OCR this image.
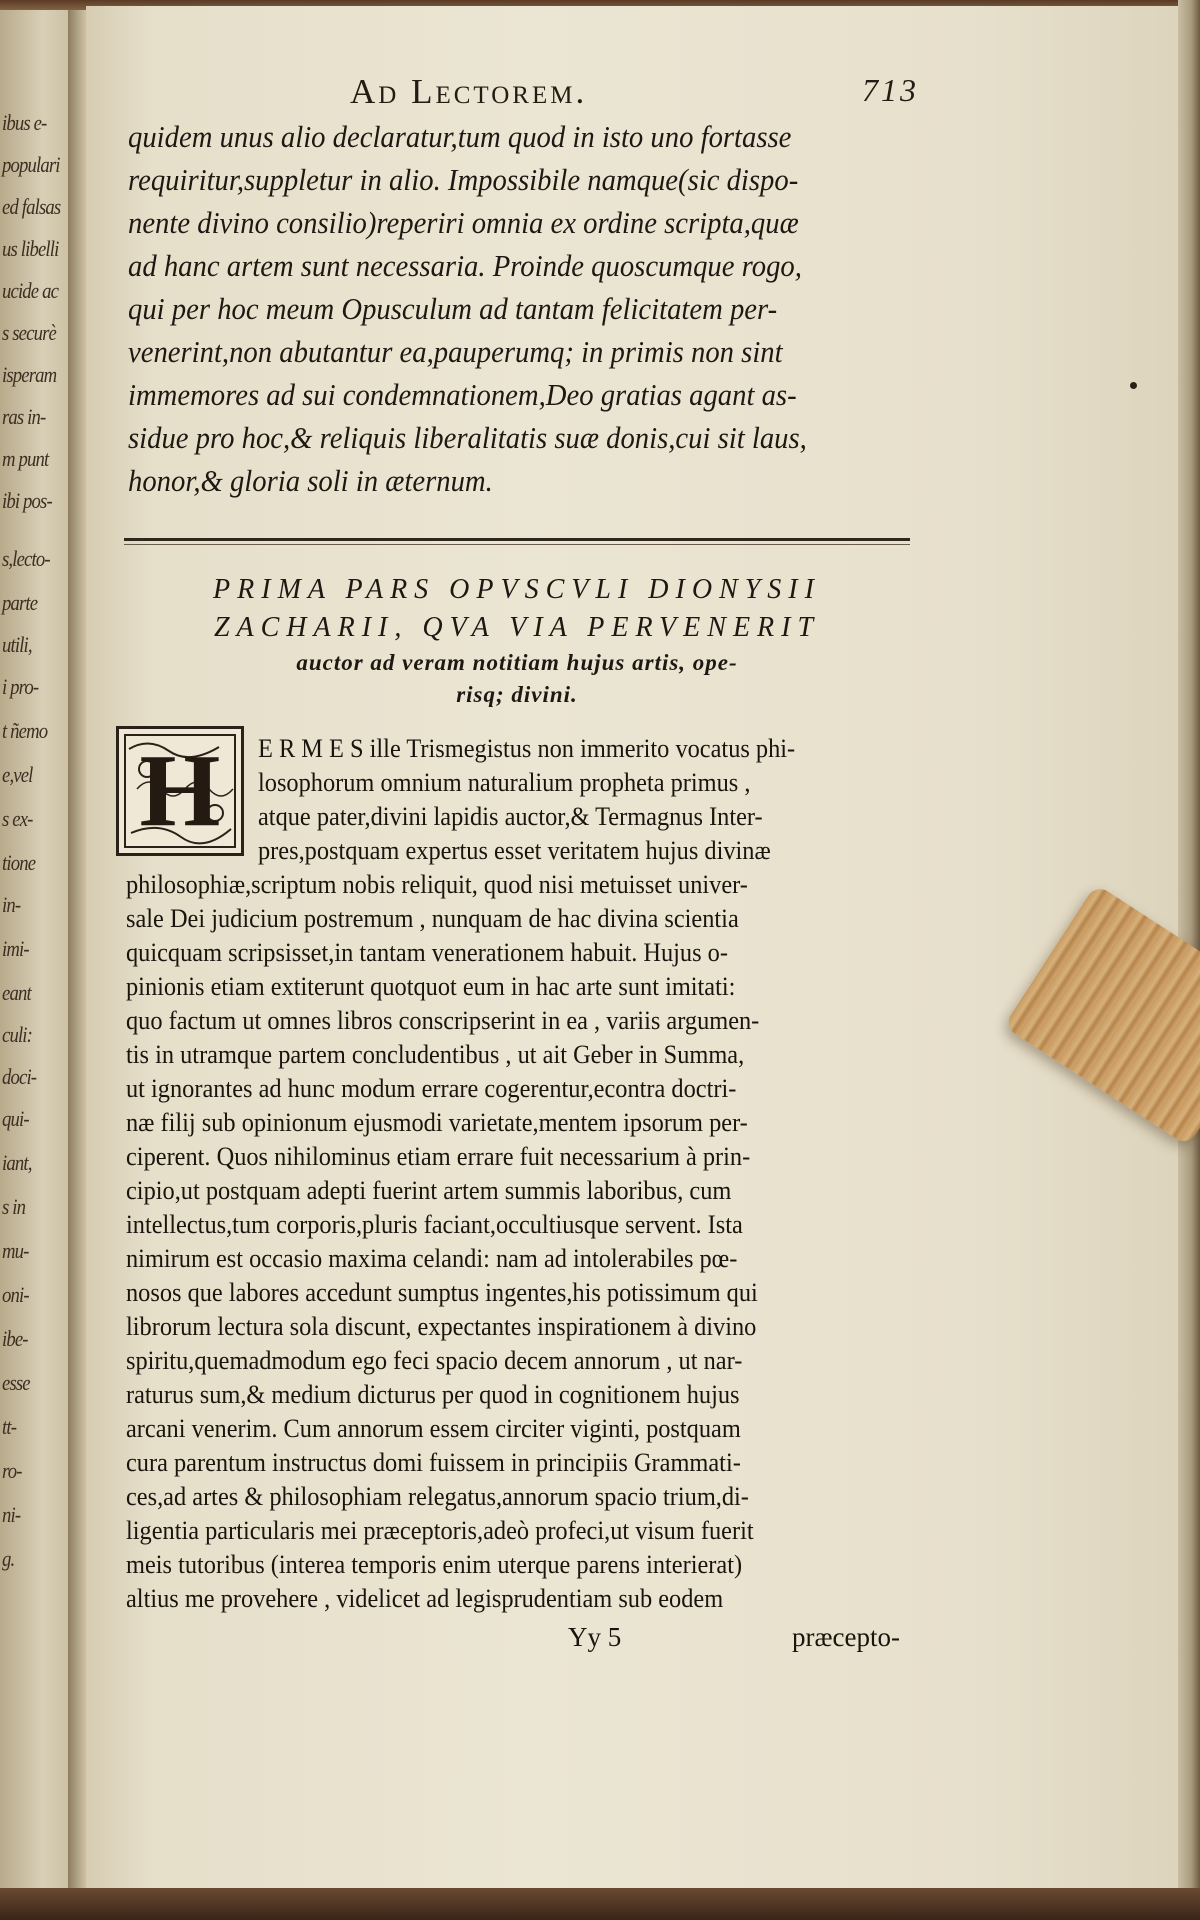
Ad Lectorem.	713
quidem unus alio declaratur,tum quod in isto uno fortasse
requiritur,suppletur in alio. Impossibile namque(sic dispo-
nente divino consilio)reperiri omnia ex ordine scripta,quæ
ad hanc artem sunt necessaria. Proinde quoscumque rogo,
qui per hoc meum Opusculum ad tantam felicitatem per-
venerint,non abutantur ea,pauperumq; in primis non sint
immemores ad sui condemnationem,Deo gratias agant as-
sidue pro hoc,& reliquis liberalitatis suæ donis,cui sit laus,
honor,& gloria soli in æternum.
PRIMA PARS OPVSCVLI DIONYSII
ZACHARII, QVA VIA PERVENERIT
auctor ad veram notitiam hujus artis, ope-
risq; divini.
H	E R M E S ille Trismegistus non immerito vocatus phi-
losophorum omnium naturalium propheta primus ,
atque pater,divini lapidis auctor,& Termagnus Inter-
pres,postquam expertus esset veritatem hujus divinæ
philosophiæ,scriptum nobis reliquit, quod nisi metuisset univer-
sale Dei judicium postremum , nunquam de hac divina scientia
quicquam scripsisset,in tantam venerationem habuit. Hujus o-
pinionis etiam extiterunt quotquot eum in hac arte sunt imitati:
quo factum ut omnes libros conscripserint in ea , variis argumen-
tis in utramque partem concludentibus , ut ait Geber in Summa,
ut ignorantes ad hunc modum errare cogerentur,econtra doctri-
næ filij sub opinionum ejusmodi varietate,mentem ipsorum per-
ciperent. Quos nihilominus etiam errare fuit necessarium à prin-
cipio,ut postquam adepti fuerint artem summis laboribus, cum
intellectus,tum corporis,pluris faciant,occultiusque servent. Ista
nimirum est occasio maxima celandi: nam ad intolerabiles pœ-
nosos que labores accedunt sumptus ingentes,his potissimum qui
librorum lectura sola discunt, expectantes inspirationem à divino
spiritu,quemadmodum ego feci spacio decem annorum , ut nar-
raturus sum,& medium dicturus per quod in cognitionem hujus
arcani venerim. Cum annorum essem circiter viginti, postquam
cura parentum instructus domi fuissem in principiis Grammati-
ces,ad artes & philosophiam relegatus,annorum spacio trium,di-
ligentia particularis mei præceptoris,adeò profeci,ut visum fuerit
meis tutoribus (interea temporis enim uterque parens interierat)
altius me provehere , videlicet ad legisprudentiam sub eodem
Yy 5	præcepto-
ibus e-
populari
ed falsas
us libelli
ucide ac
s securè
isperam
ras in-
m punt
ibi pos-
s,lecto-
parte
utili,
i pro-
t ñemo
e,vel
s ex-
tione
in-
imi-
eant
culi:
doci-
qui-
iant,
s in
mu-
oni-
ibe-
esse
tt-
ro-
ni-
g.
